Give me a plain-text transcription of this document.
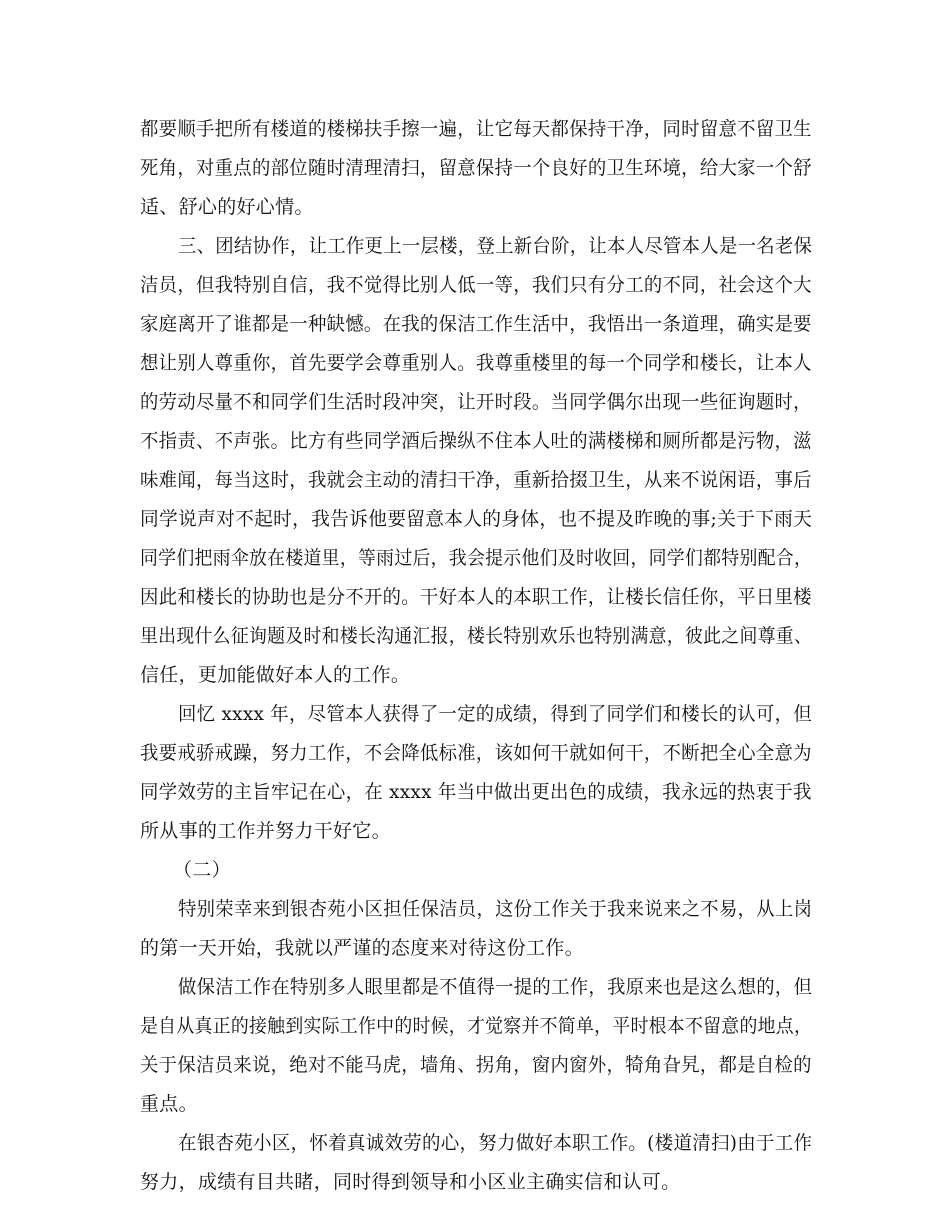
都要顺手把所有楼道的楼梯扶手擦一遍，让它每天都保持干净，同时留意不留卫生
死角，对重点的部位随时清理清扫，留意保持一个良好的卫生环境，给大家一个舒
适、舒心的好心情。
三、团结协作，让工作更上一层楼，登上新台阶，让本人尽管本人是一名老保
洁员，但我特别自信，我不觉得比别人低一等，我们只有分工的不同，社会这个大
家庭离开了谁都是一种缺憾。在我的保洁工作生活中，我悟出一条道理，确实是要
想让别人尊重你，首先要学会尊重别人。我尊重楼里的每一个同学和楼长，让本人
的劳动尽量不和同学们生活时段冲突，让开时段。当同学偶尔出现一些征询题时，
不指责、不声张。比方有些同学酒后操纵不住本人吐的满楼梯和厕所都是污物，滋
味难闻，每当这时，我就会主动的清扫干净，重新拾掇卫生，从来不说闲语，事后
同学说声对不起时，我告诉他要留意本人的身体，也不提及昨晚的事;关于下雨天
同学们把雨伞放在楼道里，等雨过后，我会提示他们及时收回，同学们都特别配合，
因此和楼长的协助也是分不开的。干好本人的本职工作，让楼长信任你，平日里楼
里出现什么征询题及时和楼长沟通汇报，楼长特别欢乐也特别满意，彼此之间尊重、
信任，更加能做好本人的工作。
回忆 xxxx 年，尽管本人获得了一定的成绩，得到了同学们和楼长的认可，但
我要戒骄戒躁，努力工作，不会降低标准，该如何干就如何干，不断把全心全意为
同学效劳的主旨牢记在心，在 xxxx 年当中做出更出色的成绩，我永远的热衷于我
所从事的工作并努力干好它。
（二）
特别荣幸来到银杏苑小区担任保洁员，这份工作关于我来说来之不易，从上岗
的第一天开始，我就以严谨的态度来对待这份工作。
做保洁工作在特别多人眼里都是不值得一提的工作，我原来也是这么想的，但
是自从真正的接触到实际工作中的时候，才觉察并不简单，平时根本不留意的地点，
关于保洁员来说，绝对不能马虎，墙角、拐角，窗内窗外，犄角旮旯，都是自检的
重点。
在银杏苑小区，怀着真诚效劳的心，努力做好本职工作。(楼道清扫)由于工作
努力，成绩有目共睹，同时得到领导和小区业主确实信和认可。
